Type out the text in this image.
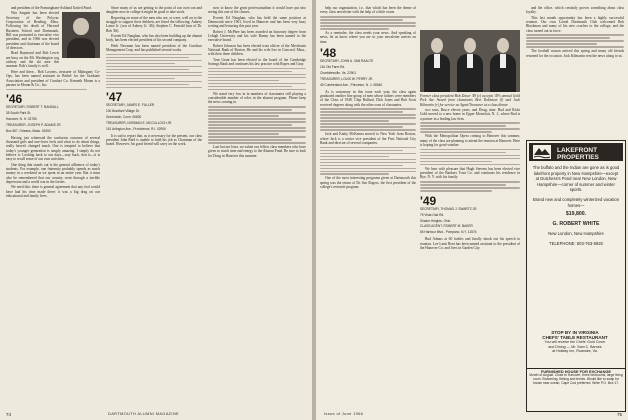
and president of the Framingham-Ashland United Fund.

Win Sargent has been elected Secretary of the Polyvac Corporation of Reading, Mass. Following his death of Harvard Business School and Dartmouth, Bill was promoted to executive vice president, and in 1966 was elected president and chairman of the board of directors.

Brad Raymond and Bob Lewis are busy on the Mt. Washington cog railway and the ski area this summer. Bob's family is well.

Here and there... Bob Lowens, treasurer of Mahogany Co-Ops, has been named assistant in Bethel for the Graduate Association and president of Conduct Co. Kenneth Moran is a partner in Moran & Co., Inc.

'46
SECRETARY, ROBERT T. RANDALL
35 South Park St.
Hanover, N. H. 03755
TREASURER, JOSEPH P. ADAMS JR.
Box 657, Orleans, Mass. 02653

Having just witnessed the confusion outcome of several thousand girls and one-lover feels and what to do about things, really haven't changed much. One is tempted to believe that today's younger generation is simply amazing. I simply do not believe it. Looking back to our days—way back, that is—it is easy to recall some of our own activities.

One thing that stands out is the general affluence of today's students. For example, one fraternity probably spends as much money in a weekend as we spent in an entire year. But it must also be remembered that our country went through a terrible depression and a world war in the forties.

We need this: there is general agreement that any fool would have had his time made there; it was a big drag on our educational and family lives.

Since many of us are getting to the point of our own son and daughter now in college it might be good to take stock.

Reporting on some of the men who are, or were, well on to the struggle to support their children, are listed the following: Aubrey Lance Jr. (son of Aubrey Jr. '46); Stephen C. Fernald (son of Dr. Bob '46).

Everett Ed Naughan, who has also been building up the alumni body, has been elected president of his second company.

Herb Newman has been named president of the Goodson Management Corp. and has published several works.

'47
SECRETARY, JAMES E. FULLER
100 Bradford Village Dr.
Greenwich, Conn. 06830
TREASURER, NORMAN E. MCCULLOCH JR.
161 Arlington Ave., Providence, R.I. 02906

It is sad to report that, as is necessary for the present, our class president John Reid is unable to hold his job as Chairman of the board. However, his good friend will carry on the work.

now to know the great professionalism it would have put into seeing this one of the classes.

Everett Ed Naughan, who has held the same position at Dartmouth since 1961, lived in Hanover and has been very busy writing and lecturing this past year.

Robert J. McPhee has been awarded an honorary degree from Lehigh University and his wife Bunny has been named to the executive board.

Robert Johnson has been elected trust officer of the Merchants National Bank of Boston. He and his wife live in Concord, Mass., with their three children.

Tom Grant has been elected to the board of the Cambridge Savings Bank and continues his law practice with Ropes and Gray.

We stand very low in in numbers of classmates still playing a considerable number of roles in the alumni program. Please keep the news coming in.

Last but not least, we salute our fellow class members who have given so much time and energy to the Alumni Fund. Be sure to look for Doug in Hanover this summer.

74	DARTMOUTH ALUMNI MAGAZINE

help our organization, i.e., that which has been the theme of every class newsletter with the help of a little sweat.

As a reminder, the class needs your news. And speaking of news, let us know where you are so your newsletter arrives on time.

'48
SECRETARY, JOHN A. VAN RAALTE
116 Old Farm Rd.
Charlottesville, Va. 22901
TREASURER, LOUIS W. PERRY JR.
49 Cumberland Ave., Princeton, N. J. 08540

As is customary in this issue each year, the class again graduated another fine group of men whose fathers were members of the Class of 1948. Chip Bullard, Dick Jones and Bob Scott received degrees along with the other sons of classmates.

Jack and Kathy McKenna moved to New York from Boston, where Jack is a senior vice president of the First National City Bank and director of several companies.

One of the most interesting programs given at Dartmouth this spring was the return of Dr. Jim Rogers, the first president of the college's research program.

Former class president Bob Zeiser '49 (c) accepts '49's annual Gold Pick Axe Award from classmates Bert Robinson (l) and Jack Kilmartin (r) for service as Agent/Treasurer at a class dinner.

two sons, Bruce eleven years, and Doug, nine. Bud and Ricki Gold moved to a new home in Upper Montclair, N. J., where Bud is a partner in a leading law firm.

With the Metropolitan Opera coming to Hanover this summer, many of the class are planning to attend the reunion at Hanover. Here is hoping for good weather.

We hear with pleasure that Hugh Stevens has been elected vice president of the Bankers Trust Co. and continues his residence in Rye, N. Y. with his family.

'49
SECRETARY, THOMAS J. SWARTZ JR.
75 Vista Oak Rd.
Shaker Heights, Ohio
CLASS AGENT, ROBERT M. BAKER
65 Harbour Blvd., Pompano, N.Y. 11576

Bud Adams at 60 bottles and finally shook out his speech to reunion. Lee Lanti Rent has been named assistant to the president of the Hanover Co. and lives in Garden City.

and the office, which certainly proves something about class loyalty.

This last month opportunity has been a highly successful reunion. Our own Lionel Dartmouth Club welcomed Bob Blackman and many of his new coaches to the college, and the class turned out in force.

The football season arrived this spring and many old friends returned for the occasion. Jack Kilmartin sent the news along to us.

LAKEFRONT
PROPERTIES
The buffalo and the Indian are gone as is good lakefront property in New Hampshire—except at Dutchess's Pond near New London, New Hampshire—corner of summer and winter sports.
Brand new and completely winterized vacation homes—
$19,800.
G. ROBERT WHITE
New London, New Hampshire
TELEPHONE: 603-763-5926
STOP BY IN VIRGINIA
CHEFS' TABLE RESTAURANT
You will receive the Chefs' Gold Cover
and Dining — Mr. Sam C. Barnes
at Holiday Inn, Roanoke, Va.
FURNISHED HOUSE FOR EXCHANGE
Month of August. Close to Hanover, three bedrooms, large living room. Swimming, fishing and tennis. Would like to swap for house near ocean, Cape Cod preferred. Write P.O. Box 17.
Issue of June 1966	75
